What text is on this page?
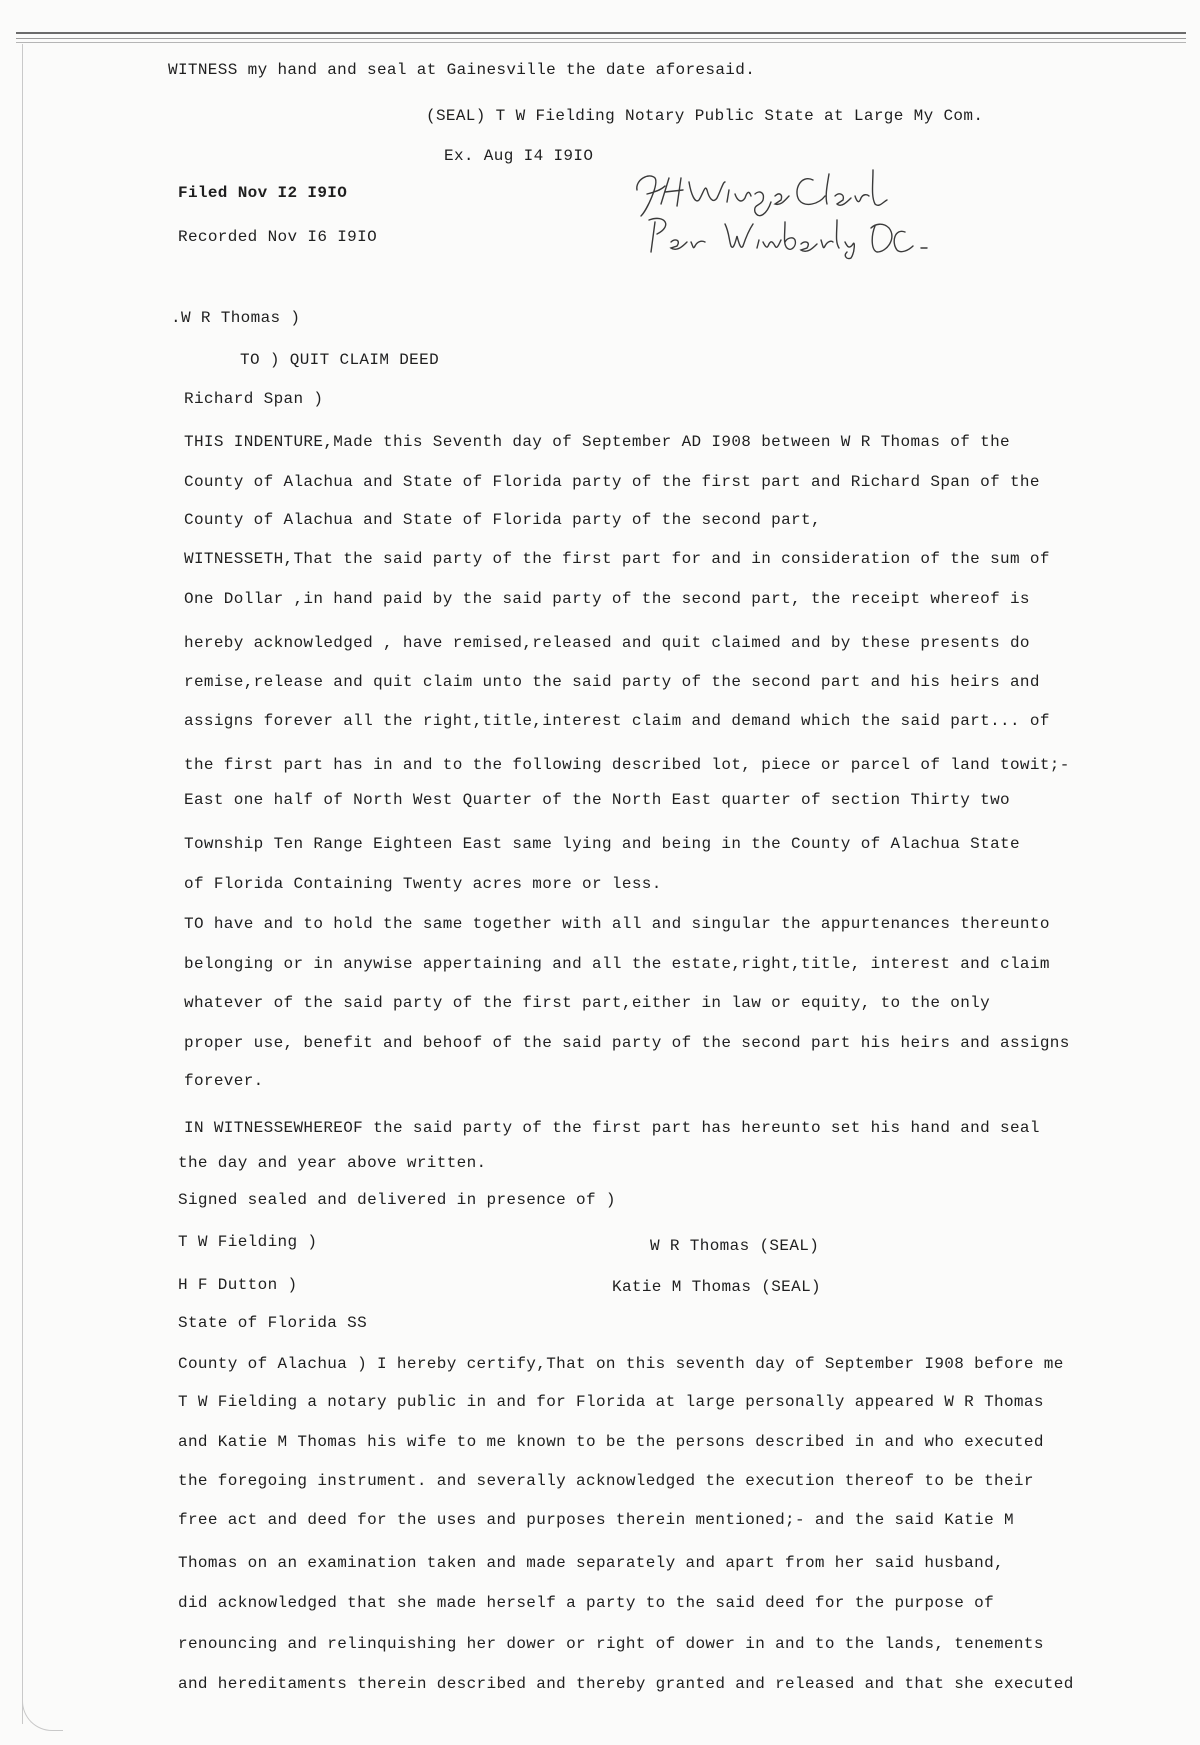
WITNESS my hand and seal at Gainesville the date aforesaid.
(SEAL) T W Fielding Notary Public State at Large My Com.
Ex. Aug I4 I9IO
Filed Nov I2 I9IO
Recorded Nov I6 I9IO
.W R Thomas )
TO ) QUIT CLAIM DEED
Richard Span )
THIS INDENTURE,Made this Seventh day of September AD I908 between W R Thomas of the
County of Alachua and State of Florida party of the first part and Richard Span of the
County of Alachua and State of Florida party of the second part,
WITNESSETH,That the said party of the first part for and in consideration of the sum of
One Dollar ,in hand paid by the said party of the second part, the receipt whereof is
hereby acknowledged , have remised,released and quit claimed and by these presents do
remise,release and quit claim unto the said party of the second part and his heirs and
assigns forever all the right,title,interest claim and demand which the said part... of
the first part has in and to the following described lot, piece or parcel of land towit;-
East one half of North West Quarter of the North East quarter of section Thirty two
Township Ten Range Eighteen East same lying and being in the County of Alachua State
of Florida Containing Twenty acres more or less.
TO have and to hold the same together with all and singular the appurtenances thereunto
belonging or in anywise appertaining and all the estate,right,title, interest and claim
whatever of the said party of the first part,either in law or equity, to the only
proper use, benefit and behoof of the said party of the second part his heirs and assigns
forever.
IN WITNESSEWHEREOF the said party of the first part has hereunto set his hand and seal
the day and year above written.
Signed sealed and delivered in presence of )
T W Fielding )	W R Thomas (SEAL)
H F Dutton )	Katie M Thomas (SEAL)
State of Florida SS
County of Alachua ) I hereby certify,That on this seventh day of September I908 before me
T W Fielding a notary public in and for Florida at large personally appeared W R Thomas
and Katie M Thomas his wife to me known to be the persons described in and who executed
the foregoing instrument. and severally acknowledged the execution thereof to be their
free act and deed for the uses and purposes therein mentioned;- and the said Katie M
Thomas on an examination taken and made separately and apart from her said husband,
did acknowledged that she made herself a party to the said deed for the purpose of
renouncing and relinquishing her dower or right of dower in and to the lands, tenements
and hereditaments therein described and thereby granted and released and that she executed
